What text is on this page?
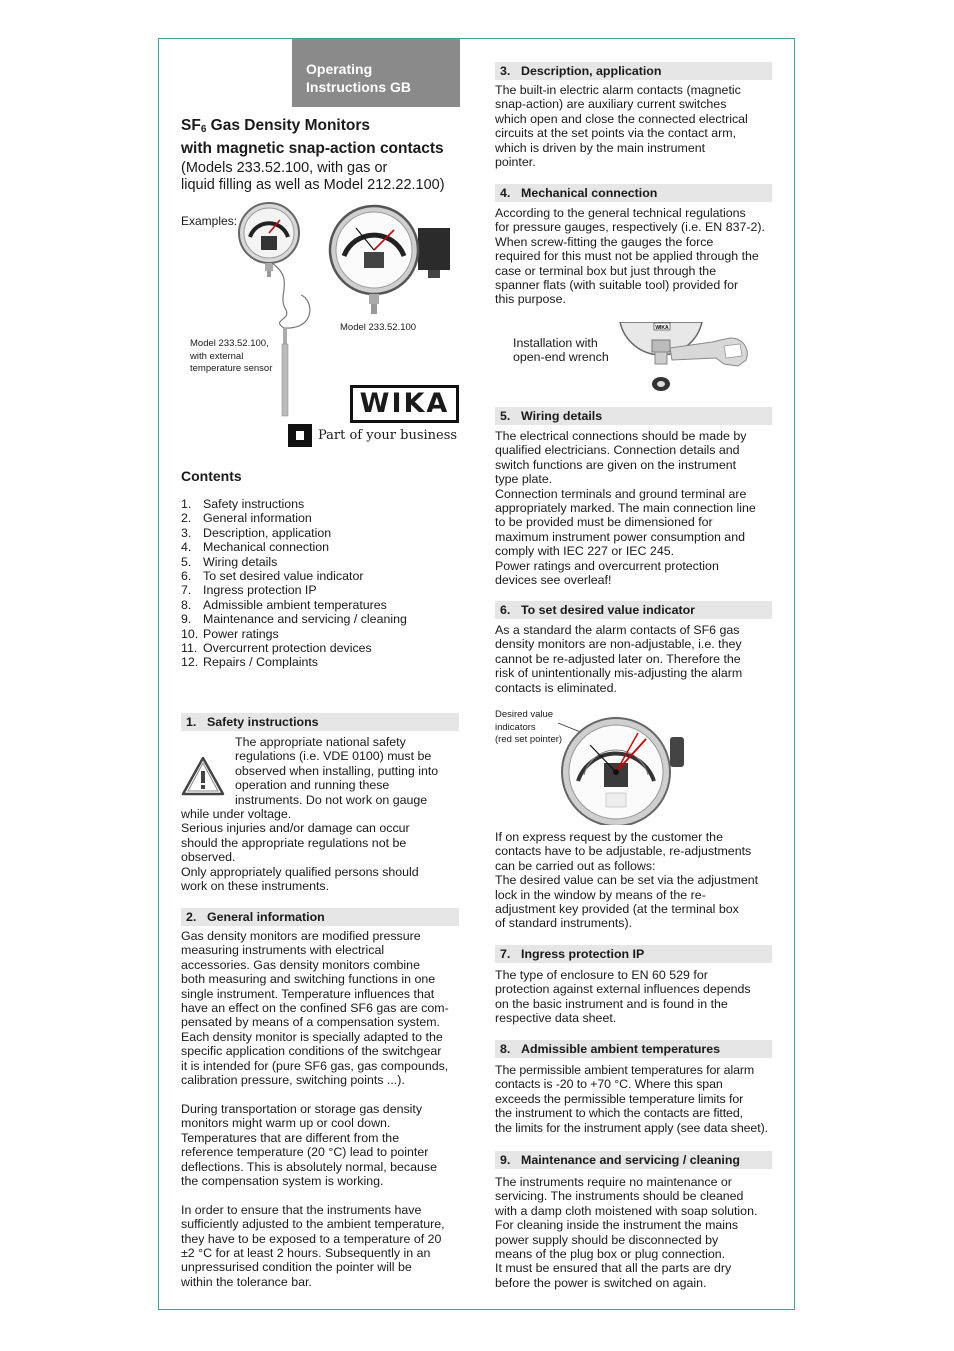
Operating
Instructions GB
$SF_6$ Gas Density Monitors
with magnetic snap-action contacts
(Models 233.52.100, with gas or
liquid filling as well as Model 212.22.100)
Examples:
Model 233.52.100,
with external
temperature sensor
Model 233.52.100
WIKA
Part of your business
Contents
1. Safety instructions
2. General information
3. Description, application
4. Mechanical connection
5. Wiring details
6. To set desired value indicator
7. Ingress protection IP
8. Admissible ambient temperatures
9. Maintenance and servicing / cleaning
10. Power ratings
11. Overcurrent protection devices
12. Repairs / Complaints
1. Safety instructions
The appropriate national safety
regulations (i.e. VDE 0100) must be
observed when installing, putting into
operation and running these
instruments. Do not work on gauge
while under voltage.
Serious injuries and/or damage can occur
should the appropriate regulations not be
observed.
Only appropriately qualified persons should
work on these instruments.
2. General information
Gas density monitors are modified pressure
measuring instruments with electrical
accessories. Gas density monitors combine
both measuring and switching functions in one
single instrument. Temperature influences that
have an effect on the confined SF6 gas are com-
pensated by means of a compensation system.
Each density monitor is specially adapted to the
specific application conditions of the switchgear
it is intended for (pure SF6 gas, gas compounds,
calibration pressure, switching points ...).

During transportation or storage gas density
monitors might warm up or cool down.
Temperatures that are different from the
reference temperature (20 °C) lead to pointer
deflections. This is absolutely normal, because
the compensation system is working.

In order to ensure that the instruments have
sufficiently adjusted to the ambient temperature,
they have to be exposed to a temperature of 20
±2 °C for at least 2 hours. Subsequently in an
unpressurised condition the pointer will be
within the tolerance bar.
3. Description, application
The built-in electric alarm contacts (magnetic
snap-action) are auxiliary current switches
which open and close the connected electrical
circuits at the set points via the contact arm,
which is driven by the main instrument
pointer.
4. Mechanical connection
According to the general technical regulations
for pressure gauges, respectively (i.e. EN 837-2).
When screw-fitting the gauges the force
required for this must not be applied through the
case or terminal box but just through the
spanner flats (with suitable tool) provided for
this purpose.
Installation with
open-end wrench
WIKA
5. Wiring details
The electrical connections should be made by
qualified electricians. Connection details and
switch functions are given on the instrument
type plate.
Connection terminals and ground terminal are
appropriately marked. The main connection line
to be provided must be dimensioned for
maximum instrument power consumption and
comply with IEC 227 or IEC 245.
Power ratings and overcurrent protection
devices see overleaf!
6. To set desired value indicator
As a standard the alarm contacts of SF6 gas
density monitors are non-adjustable, i.e. they
cannot be re-adjusted later on. Therefore the
risk of unintentionally mis-adjusting the alarm
contacts is eliminated.
Desired value
indicators
(red set pointer)
If on express request by the customer the
contacts have to be adjustable, re-adjustments
can be carried out as follows:
The desired value can be set via the adjustment
lock in the window by means of the re-
adjustment key provided (at the terminal box
of standard instruments).
7. Ingress protection IP
The type of enclosure to EN 60 529 for
protection against external influences depends
on the basic instrument and is found in the
respective data sheet.
8. Admissible ambient temperatures
The permissible ambient temperatures for alarm
contacts is -20 to +70 °C. Where this span
exceeds the permissible temperature limits for
the instrument to which the contacts are fitted,
the limits for the instrument apply (see data sheet).
9. Maintenance and servicing / cleaning
The instruments require no maintenance or
servicing. The instruments should be cleaned
with a damp cloth moistened with soap solution.
For cleaning inside the instrument the mains
power supply should be disconnected by
means of the plug box or plug connection.
It must be ensured that all the parts are dry
before the power is switched on again.
